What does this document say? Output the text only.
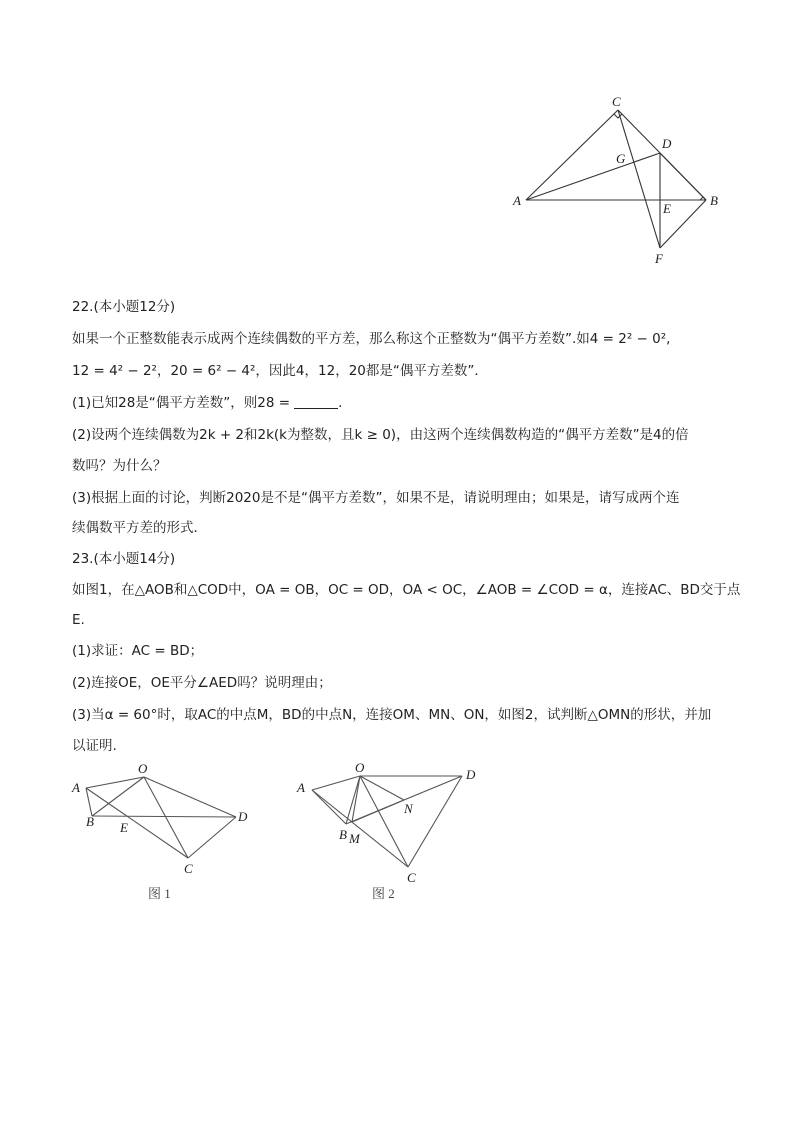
C
D
G
A
E
B
F
22.(本小题12分)
如果一个正整数能表示成两个连续偶数的平方差，那么称这个正整数为“偶平方差数”.如4 = 2² − 0²,
12 = 4² − 2²，20 = 6² − 4²，因此4，12，20都是“偶平方差数”．
(1)已知28是“偶平方差数”，则28 =	.
(2)设两个连续偶数为2k + 2和2k(k为整数，且k ≥ 0)，由这两个连续偶数构造的“偶平方差数”是4的倍
数吗？为什么？
(3)根据上面的讨论，判断2020是不是“偶平方差数”，如果不是，请说明理由；如果是，请写成两个连
续偶数平方差的形式．
23.(本小题14分)
如图1，在△AOB和△COD中，OA = OB，OC = OD，OA < OC，∠AOB = ∠COD = α，连接AC、BD交于点
E.
(1)求证：AC = BD；
(2)连接OE，OE平分∠AED吗？说明理由；
(3)当α = 60°时，取AC的中点M，BD的中点N，连接OM、MN、ON，如图2，试判断△OMN的形状，并加
以证明.
A
O
B E
D
C
图 1
A
O	D
N
B M
C
图 2
